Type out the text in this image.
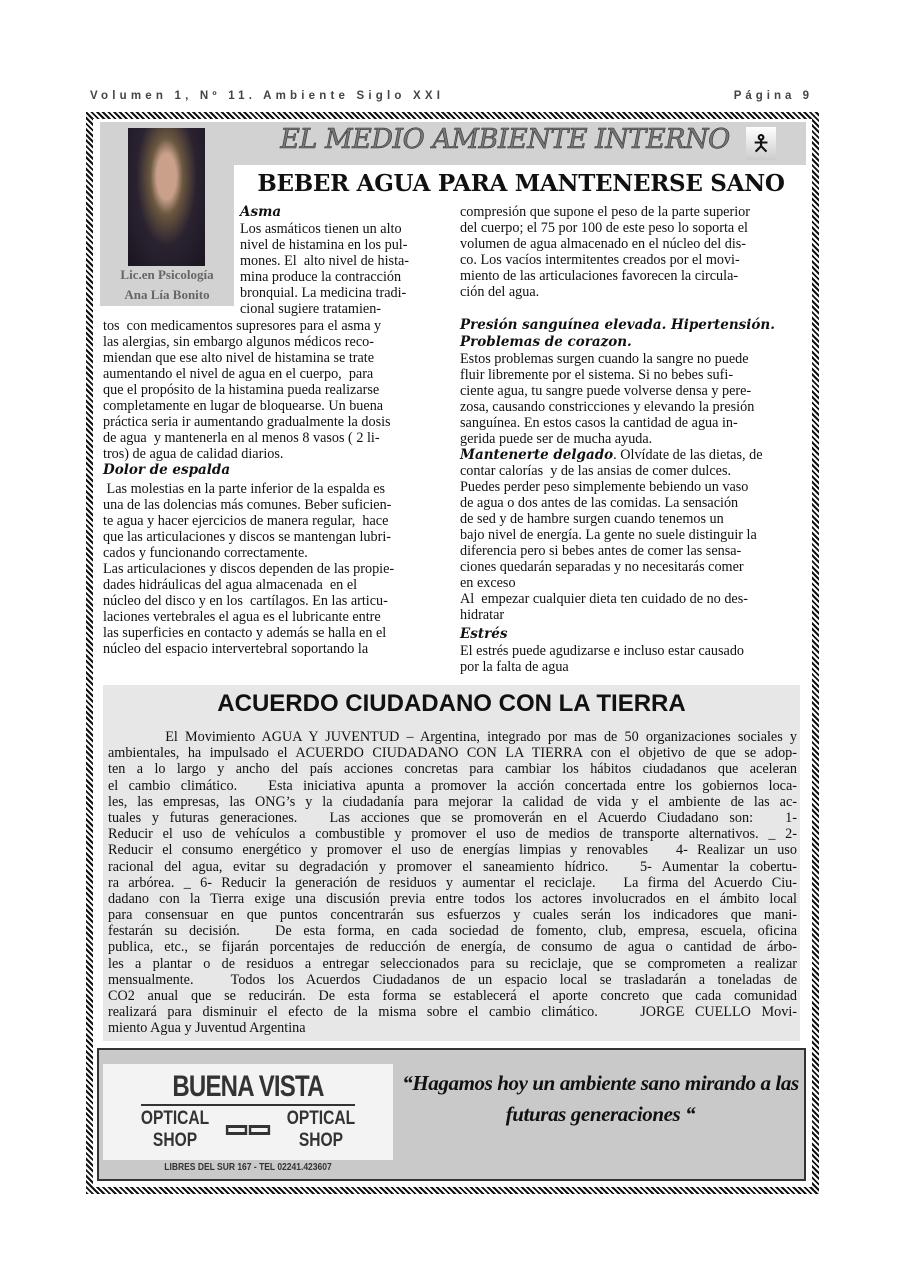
Volumen 1, Nº 11. Ambiente Siglo XXI	Página 9
Lic.en Psicología
Ana Lía Bonito
EL MEDIO AMBIENTE INTERNO 🯅
BEBER AGUA PARA MANTENERSE SANO
Asma
Los asmáticos tienen un alto
nivel de histamina en los pul-
mones. El  alto nivel de hista-
mina produce la contracción
bronquial. La medicina tradi-
cional sugiere tratamien-
tos  con medicamentos supresores para el asma y
las alergias, sin embargo algunos médicos reco-
miendan que ese alto nivel de histamina se trate
aumentando el nivel de agua en el cuerpo,  para
que el propósito de la histamina pueda realizarse
completamente en lugar de bloquearse. Un buena
práctica seria ir aumentando gradualmente la dosis
de agua  y mantenerla en al menos 8 vasos ( 2 li-
tros) de agua de calidad diarios.
Dolor de espalda
Las molestias en la parte inferior de la espalda es
una de las dolencias más comunes. Beber suficien-
te agua y hacer ejercicios de manera regular,  hace
que las articulaciones y discos se mantengan lubri-
cados y funcionando correctamente.
Las articulaciones y discos dependen de las propie-
dades hidráulicas del agua almacenada  en el
núcleo del disco y en los  cartílagos. En las articu-
laciones vertebrales el agua es el lubricante entre
las superficies en contacto y además se halla en el
núcleo del espacio intervertebral soportando la
compresión que supone el peso de la parte superior
del cuerpo; el 75 por 100 de este peso lo soporta el
volumen de agua almacenado en el núcleo del dis-
co. Los vacíos intermitentes creados por el movi-
miento de las articulaciones favorecen la circula-
ción del agua.
Presión sanguínea elevada. Hipertensión.
Problemas de corazon.
Estos problemas surgen cuando la sangre no puede
fluir libremente por el sistema. Si no bebes sufi-
ciente agua, tu sangre puede volverse densa y pere-
zosa, causando constricciones y elevando la presión
sanguínea. En estos casos la cantidad de agua in-
gerida puede ser de mucha ayuda.
Mantenerte delgado. Olvídate de las dietas, de
contar calorías  y de las ansias de comer dulces.
Puedes perder peso simplemente bebiendo un vaso
de agua o dos antes de las comidas. La sensación
de sed y de hambre surgen cuando tenemos un
bajo nivel de energía. La gente no suele distinguir la
diferencia pero si bebes antes de comer las sensa-
ciones quedarán separadas y no necesitarás comer
en exceso
Al  empezar cualquier dieta ten cuidado de no des-
hidratar
Estrés
El estrés puede agudizarse e incluso estar causado
por la falta de agua
ACUERDO CIUDADANO CON LA TIERRA
El Movimiento AGUA Y JUVENTUD – Argentina, integrado por mas de 50 organizaciones sociales y
ambientales, ha impulsado el ACUERDO CIUDADANO CON LA TIERRA con el objetivo de que se adop-
ten a lo largo y ancho del país acciones concretas para cambiar los hábitos ciudadanos que aceleran
el cambio climático.   Esta iniciativa apunta a promover la acción concertada entre los gobiernos loca-
les, las empresas, las ONG’s y la ciudadanía para mejorar la calidad de vida y el ambiente de las ac-
tuales y futuras generaciones.   Las acciones que se promoverán en el Acuerdo Ciudadano son:   1-
Reducir el uso de vehículos a combustible y promover el uso de medios de transporte alternativos. _ 2-
Reducir el consumo energético y promover el uso de energías limpias y renovables   4- Realizar un uso
racional del agua, evitar su degradación y promover el saneamiento hídrico.   5- Aumentar la cobertu-
ra arbórea. _ 6- Reducir la generación de residuos y aumentar el reciclaje.   La firma del Acuerdo Ciu-
dadano con la Tierra exige una discusión previa entre todos los actores involucrados en el ámbito local
para consensuar en que puntos concentrarán sus esfuerzos y cuales serán los indicadores que mani-
festarán su decisión.   De esta forma, en cada sociedad de fomento, club, empresa, escuela, oficina
publica, etc., se fijarán porcentajes de reducción de energía, de consumo de agua o cantidad de árbo-
les a plantar o de residuos a entregar seleccionados para su reciclaje, que se comprometen a realizar
mensualmente.   Todos los Acuerdos Ciudadanos de un espacio local se trasladarán a toneladas de
CO2 anual que se reducirán. De esta forma se establecerá el aporte concreto que cada comunidad
realizará para disminuir el efecto de la misma sobre el cambio climático.    JORGE CUELLO Movi-
miento Agua y Juventud Argentina
BUENA VISTA
OPTICAL SHOP
OPTICAL SHOP
LIBRES DEL SUR 167 - TEL 02241.423607
“Hagamos hoy un ambiente sano mirando a las
futuras generaciones “
